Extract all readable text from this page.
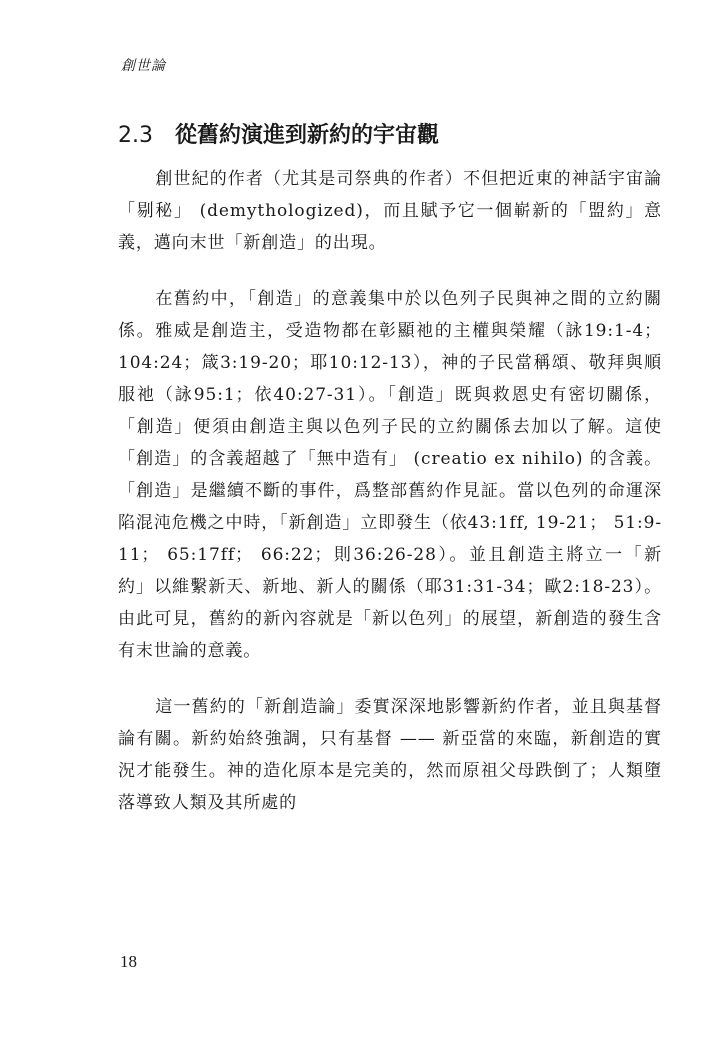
創世論
2.3 從舊約演進到新約的宇宙觀

創世紀的作者（尤其是司祭典的作者）不但把近東的神話宇宙論「剔秘」 (demythologized)，而且賦予它一個嶄新的「盟約」意義，邁向末世「新創造」的出現。

在舊約中，「創造」的意義集中於以色列子民與神之間的立約關係。雅威是創造主，受造物都在彰顯祂的主權與榮耀（詠19:1-4；104:24；箴3:19-20；耶10:12-13），神的子民當稱頌、敬拜與順服祂（詠95:1；依40:27-31）。「創造」既與救恩史有密切關係，「創造」便須由創造主與以色列子民的立約關係去加以了解。這使「創造」的含義超越了「無中造有」 (creatio ex nihilo) 的含義。「創造」是繼續不斷的事件，爲整部舊約作見証。當以色列的命運深陷混沌危機之中時，「新創造」立即發生（依43:1ff, 19-21； 51:9-11； 65:17ff； 66:22；則36:26-28）。並且創造主將立一「新約」以維繫新天、新地、新人的關係（耶31:31-34；歐2:18-23）。由此可見，舊約的新內容就是「新以色列」的展望，新創造的發生含有末世論的意義。

這一舊約的「新創造論」委實深深地影響新約作者，並且與基督論有關。新約始終強調，只有基督 —— 新亞當的來臨，新創造的實況才能發生。神的造化原本是完美的，然而原祖父母跌倒了；人類墮落導致人類及其所處的

18
